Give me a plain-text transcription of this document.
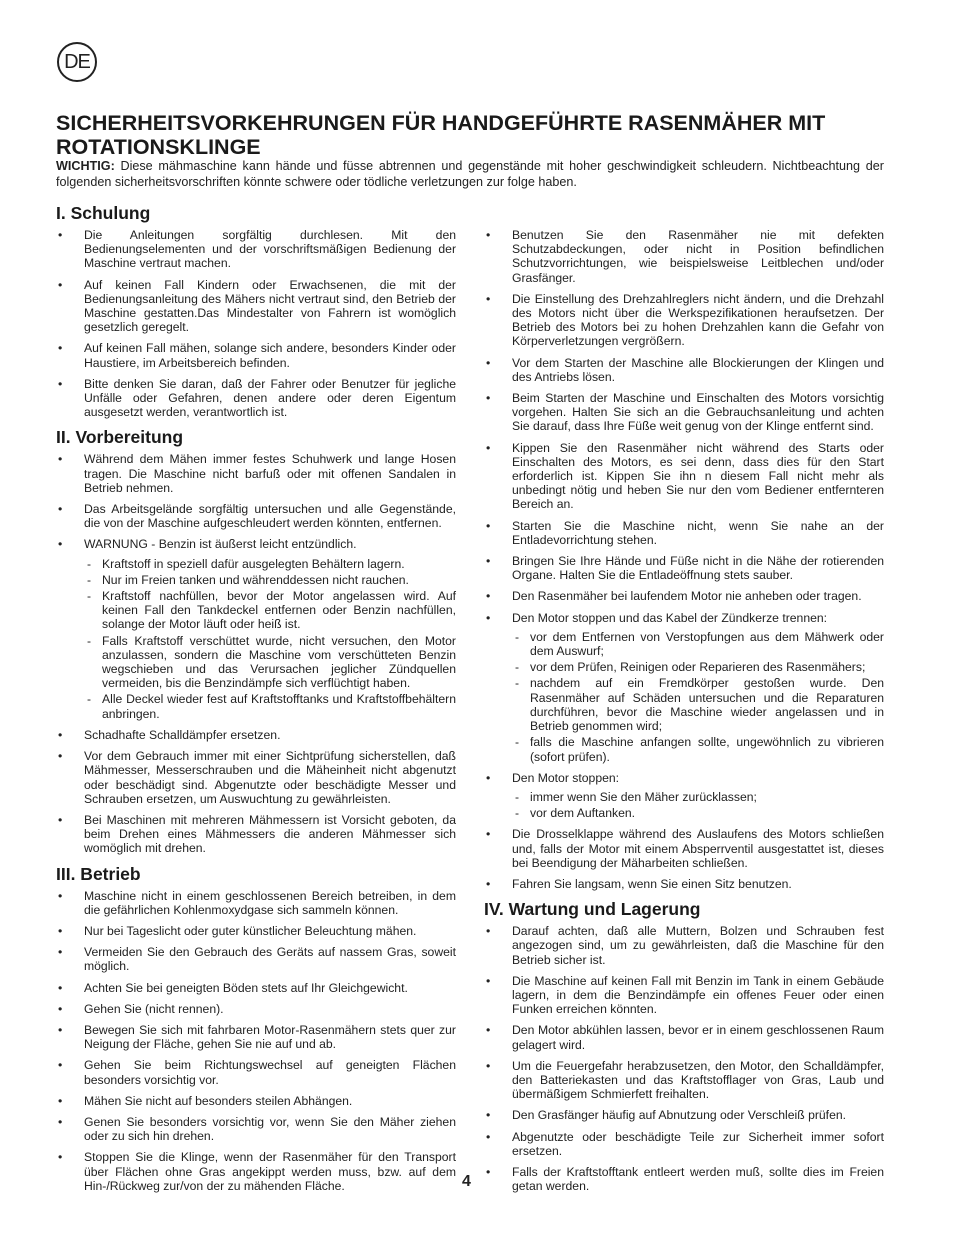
DE
SICHERHEITSVORKEHRUNGEN FÜR HANDGEFÜHRTE RASENMÄHER MIT ROTATIONSKLINGE

WICHTIG: Diese mähmaschine kann hände und füsse abtrennen und gegenstände mit hoher geschwindigkeit schleudern. Nichtbeachtung der folgenden sicherheitsvorschriften könnte schwere oder tödliche verletzungen zur folge haben.

I. Schulung
• Die Anleitungen sorgfältig durchlesen. Mit den Bedienungselementen und der vorschriftsmäßigen Bedienung der Maschine vertraut machen.
• Auf keinen Fall Kindern oder Erwachsenen, die mit der Bedienungsanleitung des Mähers nicht vertraut sind, den Betrieb der Maschine gestatten.Das Mindestalter von Fahrern ist womöglich gesetzlich geregelt.
• Auf keinen Fall mähen, solange sich andere, besonders Kinder oder Haustiere, im Arbeitsbereich befinden.
• Bitte denken Sie daran, daß der Fahrer oder Benutzer für jegliche Unfälle oder Gefahren, denen andere oder deren Eigentum ausgesetzt werden, verantwortlich ist.
II. Vorbereitung
• Während dem Mähen immer festes Schuhwerk und lange Hosen tragen. Die Maschine nicht barfuß oder mit offenen Sandalen in Betrieb nehmen.
• Das Arbeitsgelände sorgfältig untersuchen und alle Gegenstände, die von der Maschine aufgeschleudert werden könnten, entfernen.
• WARNUNG - Benzin ist äußerst leicht entzündlich.
- Kraftstoff in speziell dafür ausgelegten Behältern lagern.
- Nur im Freien tanken und währenddessen nicht rauchen.
- Kraftstoff nachfüllen, bevor der Motor angelassen wird. Auf keinen Fall den Tankdeckel entfernen oder Benzin nachfüllen, solange der Motor läuft oder heiß ist.
- Falls Kraftstoff verschüttet wurde, nicht versuchen, den Motor anzulassen, sondern die Maschine vom verschütteten Benzin wegschieben und das Verursachen jeglicher Zündquellen vermeiden, bis die Benzindämpfe sich verflüchtigt haben.
- Alle Deckel wieder fest auf Kraftstofftanks und Kraftstoffbehältern anbringen.
• Schadhafte Schalldämpfer ersetzen.
• Vor dem Gebrauch immer mit einer Sichtprüfung sicherstellen, daß Mähmesser, Messerschrauben und die Mäheinheit nicht abgenutzt oder beschädigt sind. Abgenutzte oder beschädigte Messer und Schrauben ersetzen, um Auswuchtung zu gewährleisten.
• Bei Maschinen mit mehreren Mähmessern ist Vorsicht geboten, da beim Drehen eines Mähmessers die anderen Mähmesser sich womöglich mit drehen.
III. Betrieb
• Maschine nicht in einem geschlossenen Bereich betreiben, in dem die gefährlichen Kohlenmoxydgase sich sammeln können.
• Nur bei Tageslicht oder guter künstlicher Beleuchtung mähen.
• Vermeiden Sie den Gebrauch des Geräts auf nassem Gras, soweit möglich.
• Achten Sie bei geneigten Böden stets auf Ihr Gleichgewicht.
• Gehen Sie (nicht rennen).
• Bewegen Sie sich mit fahrbaren Motor-Rasenmähern stets quer zur Neigung der Fläche, gehen Sie nie auf und ab.
• Gehen Sie beim Richtungswechsel auf geneigten Flächen besonders vorsichtig vor.
• Mähen Sie nicht auf besonders steilen Abhängen.
• Genen Sie besonders vorsichtig vor, wenn Sie den Mäher ziehen oder zu sich hin drehen.
• Stoppen Sie die Klinge, wenn der Rasenmäher für den Transport über Flächen ohne Gras angekippt werden muss, bzw. auf dem Hin-/Rückweg zur/von der zu mähenden Fläche.
• Benutzen Sie den Rasenmäher nie mit defekten Schutzabdeckungen, oder nicht in Position befindlichen Schutzvorrichtungen, wie beispielsweise Leitblechen und/oder Grasfänger.
• Die Einstellung des Drehzahlreglers nicht ändern, und die Drehzahl des Motors nicht über die Werkspezifikationen heraufsetzen. Der Betrieb des Motors bei zu hohen Drehzahlen kann die Gefahr von Körperverletzungen vergrößern.
• Vor dem Starten der Maschine alle Blockierungen der Klingen und des Antriebs lösen.
• Beim Starten der Maschine und Einschalten des Motors vorsichtig vorgehen. Halten Sie sich an die Gebrauchsanleitung und achten Sie darauf, dass Ihre Füße weit genug von der Klinge entfernt sind.
• Kippen Sie den Rasenmäher nicht während des Starts oder Einschalten des Motors, es sei denn, dass dies für den Start erforderlich ist. Kippen Sie ihn n diesem Fall nicht mehr als unbedingt nötig und heben Sie nur den vom Bediener entfernteren Bereich an.
• Starten Sie die Maschine nicht, wenn Sie nahe an der Entladevorrichtung stehen.
• Bringen Sie Ihre Hände und Füße nicht in die Nähe der rotierenden Organe. Halten Sie die Entladeöffnung stets sauber.
• Den Rasenmäher bei laufendem Motor nie anheben oder tragen.
• Den Motor stoppen und das Kabel der Zündkerze trennen:
- vor dem Entfernen von Verstopfungen aus dem Mähwerk oder dem Auswurf;
- vor dem Prüfen, Reinigen oder Reparieren des Rasenmähers;
- nachdem auf ein Fremdkörper gestoßen wurde. Den Rasenmäher auf Schäden untersuchen und die Reparaturen durchführen, bevor die Maschine wieder angelassen und in Betrieb genommen wird;
- falls die Maschine anfangen sollte, ungewöhnlich zu vibrieren (sofort prüfen).
• Den Motor stoppen:
- immer wenn Sie den Mäher zurücklassen;
- vor dem Auftanken.
• Die Drosselklappe während des Auslaufens des Motors schließen und, falls der Motor mit einem Absperrventil ausgestattet ist, dieses bei Beendigung der Mäharbeiten schließen.
• Fahren Sie langsam, wenn Sie einen Sitz benutzen.
IV. Wartung und Lagerung
• Darauf achten, daß alle Muttern, Bolzen und Schrauben fest angezogen sind, um zu gewährleisten, daß die Maschine für den Betrieb sicher ist.
• Die Maschine auf keinen Fall mit Benzin im Tank in einem Gebäude lagern, in dem die Benzindämpfe ein offenes Feuer oder einen Funken erreichen könnten.
• Den Motor abkühlen lassen, bevor er in einem geschlossenen Raum gelagert wird.
• Um die Feuergefahr herabzusetzen, den Motor, den Schalldämpfer, den Batteriekasten und das Kraftstofflager von Gras, Laub und übermäßigem Schmierfett freihalten.
• Den Grasfänger häufig auf Abnutzung oder Verschleiß prüfen.
• Abgenutzte oder beschädigte Teile zur Sicherheit immer sofort ersetzen.
• Falls der Kraftstofftank entleert werden muß, sollte dies im Freien getan werden.
4
